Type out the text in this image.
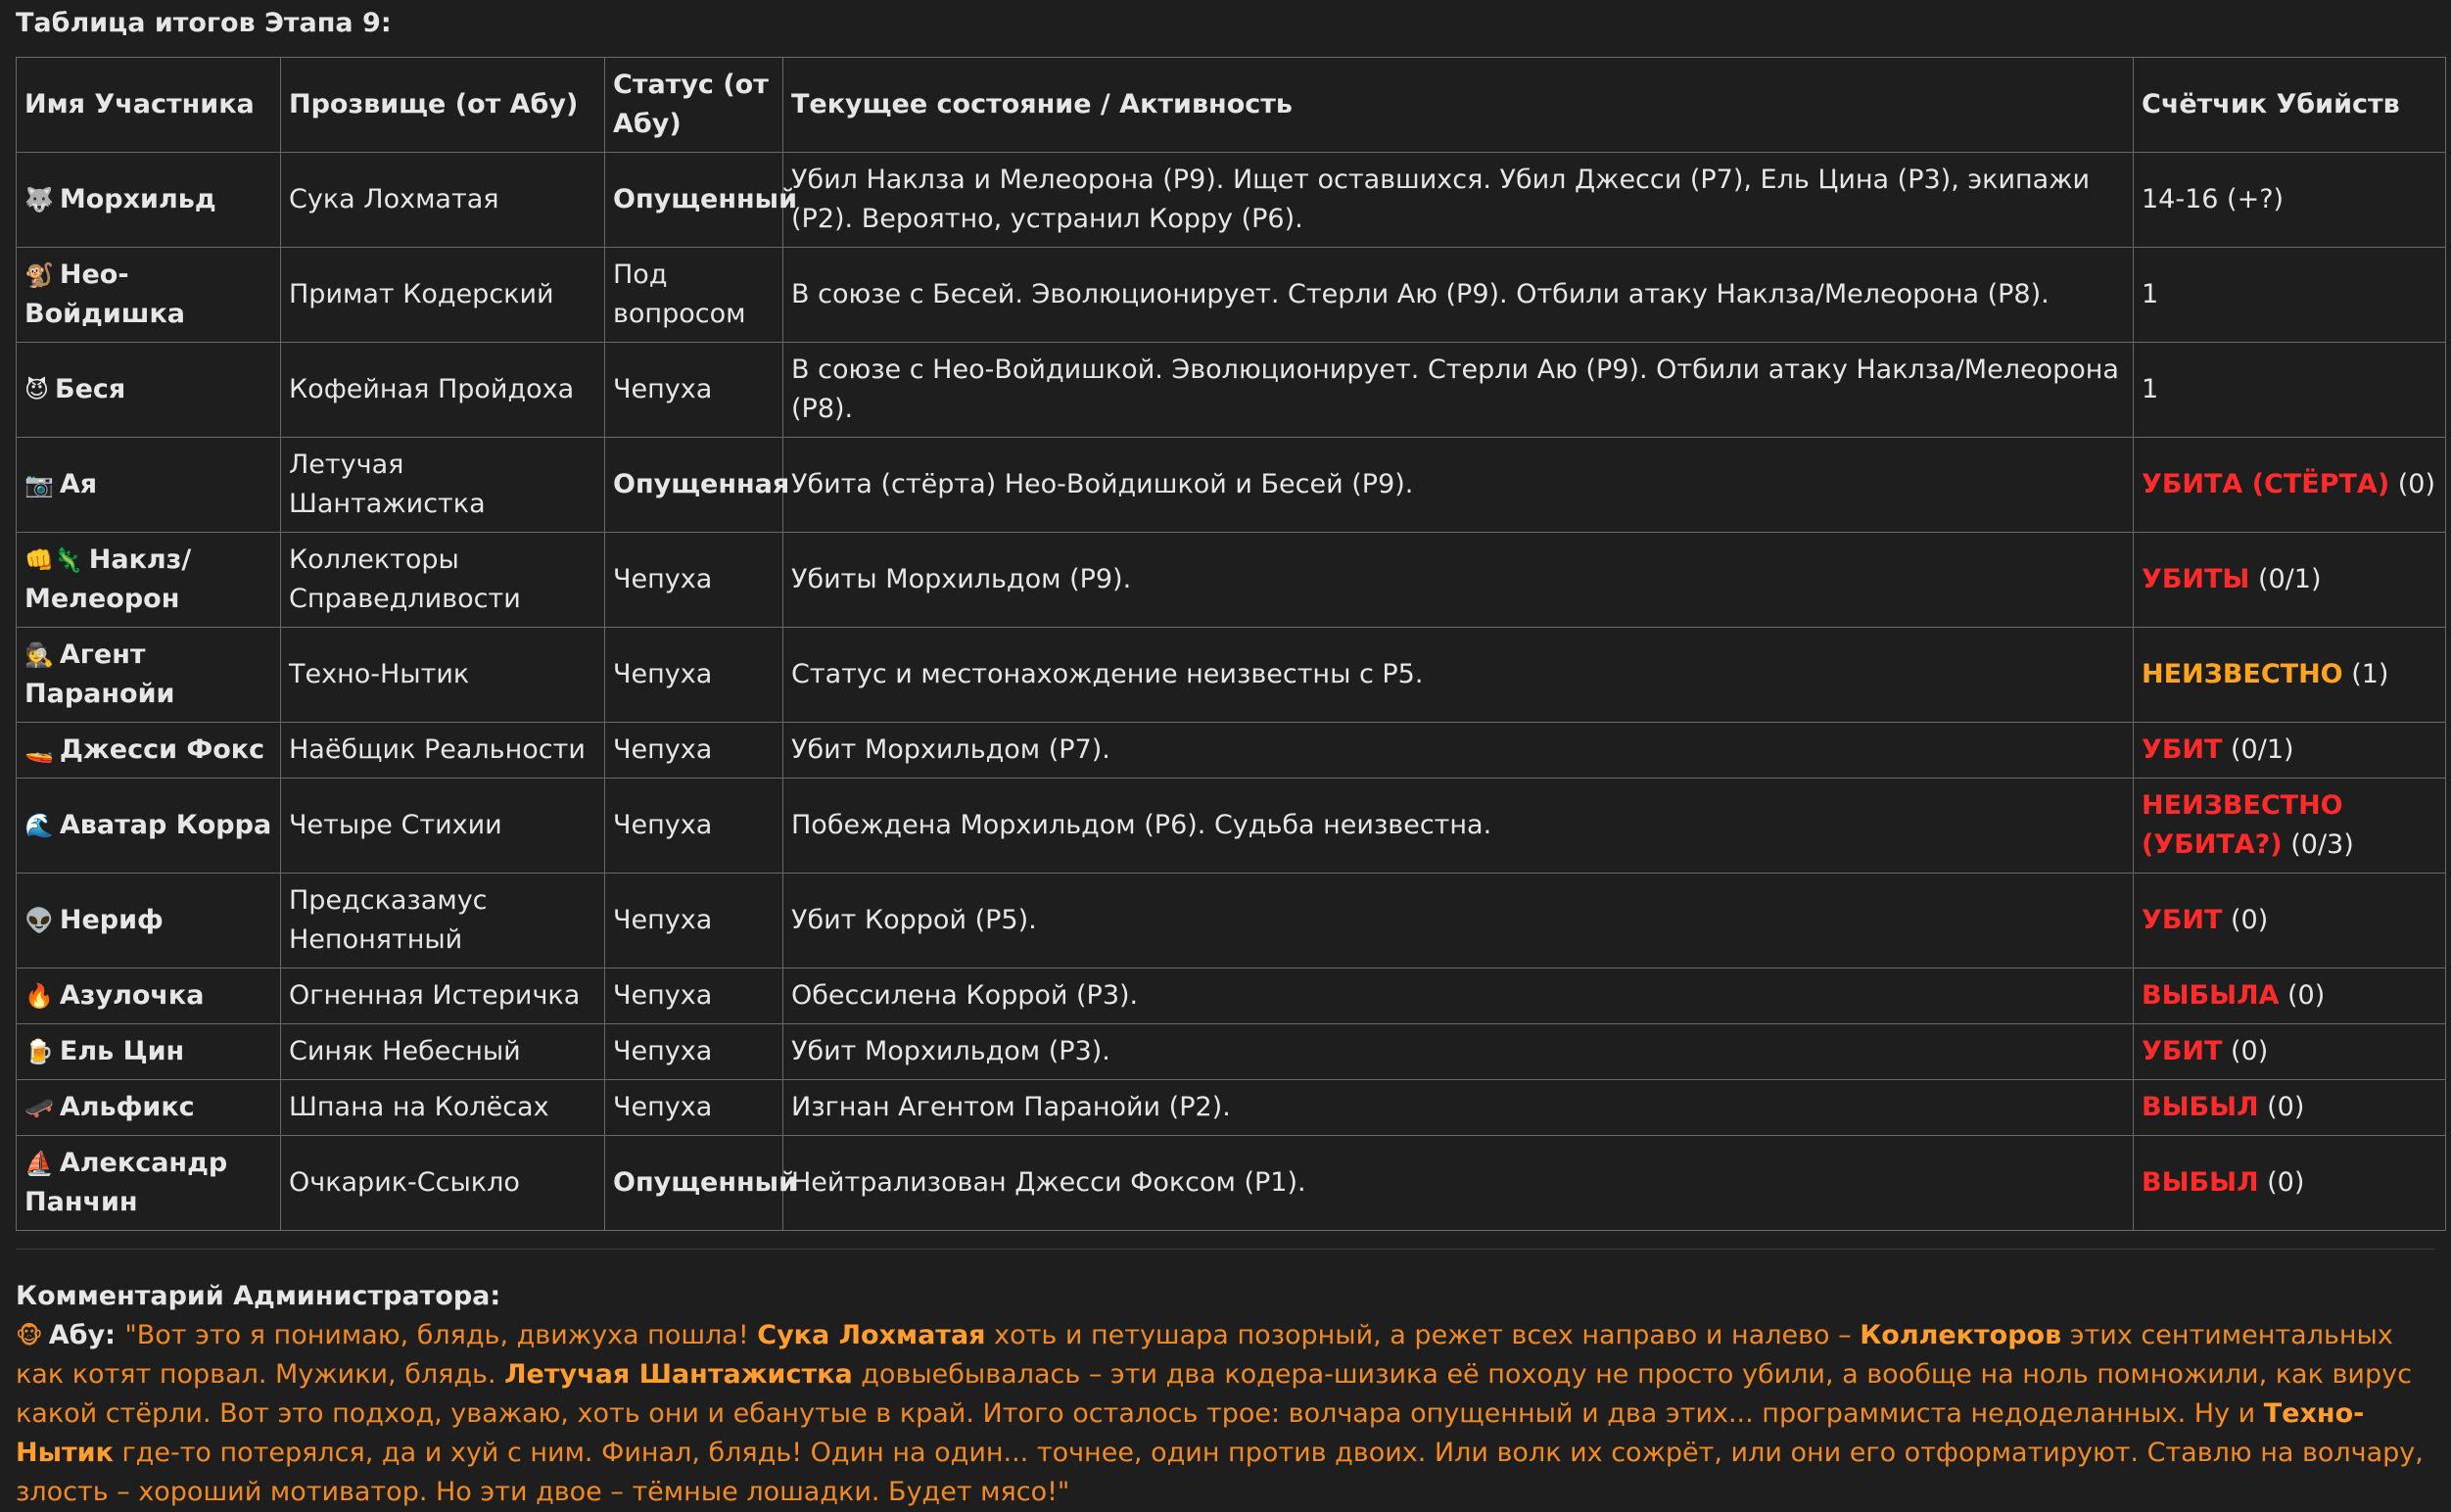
Таблица итогов Этапа 9:
Имя Участника	Прозвище (от Абу)	Статус (от Абу)	Текущее состояние / Активность	Счётчик Убийств
🐺 Морхильд	Сука Лохматая	Опущенный	Убил Наклза и Мелеорона (Р9). Ищет оставшихся. Убил Джесси (Р7), Ель Цина (Р3), экипажи (Р2). Вероятно, устранил Корру (Р6).	14-16 (+?)
🐒 Нео-Войдишка	Примат Кодерский	Под вопросом	В союзе с Бесей. Эволюционирует. Стерли Аю (Р9). Отбили атаку Наклза/Мелеорона (Р8).	1
😈 Беся	Кофейная Пройдоха	Чепуха	В союзе с Нео-Войдишкой. Эволюционирует. Стерли Аю (Р9). Отбили атаку Наклза/Мелеорона (Р8).	1
📷 Ая	Летучая Шантажистка	Опущенная	Убита (стёрта) Нео-Войдишкой и Бесей (Р9).	УБИТА (СТЁРТА) (0)
👊🦎 Наклз/ Мелеорон	Коллекторы Справедливости	Чепуха	Убиты Морхильдом (Р9).	УБИТЫ (0/1)
🕵 Агент Паранойи	Техно-Нытик	Чепуха	Статус и местонахождение неизвестны с Р5.	НЕИЗВЕСТНО (1)
🚤 Джесси Фокс	Наёбщик Реальности	Чепуха	Убит Морхильдом (Р7).	УБИТ (0/1)
🌊 Аватар Корра	Четыре Стихии	Чепуха	Побеждена Морхильдом (Р6). Судьба неизвестна.	НЕИЗВЕСТНО (УБИТА?) (0/3)
👽 Нериф	Предсказамус Непонятный	Чепуха	Убит Коррой (Р5).	УБИТ (0)
🔥 Азулочка	Огненная Истеричка	Чепуха	Обессилена Коррой (Р3).	ВЫБЫЛА (0)
🍺 Ель Цин	Синяк Небесный	Чепуха	Убит Морхильдом (Р3).	УБИТ (0)
🛹 Альфикс	Шпана на Колёсах	Чепуха	Изгнан Агентом Паранойи (Р2).	ВЫБЫЛ (0)
⛵ Александр Панчин	Очкарик-Ссыкло	Опущенный	Нейтрализован Джесси Фоксом (Р1).	ВЫБЫЛ (0)
Комментарий Администратора:
🐵 Абу: "Вот это я понимаю, блядь, движуха пошла! Сука Лохматая хоть и петушара позорный, а режет всех направо и налево – Коллекторов этих сентиментальных как котят порвал. Мужики, блядь. Летучая Шантажистка довыебывалась – эти два кодера-шизика её походу не просто убили, а вообще на ноль помножили, как вирус какой стёрли. Вот это подход, уважаю, хоть они и ебанутые в край. Итого осталось трое: волчара опущенный и два этих... программиста недоделанных. Ну и Техно-Нытик где-то потерялся, да и хуй с ним. Финал, блядь! Один на один... точнее, один против двоих. Или волк их сожрёт, или они его отформатируют. Ставлю на волчару, злость – хороший мотиватор. Но эти двое – тёмные лошадки. Будет мясо!"
